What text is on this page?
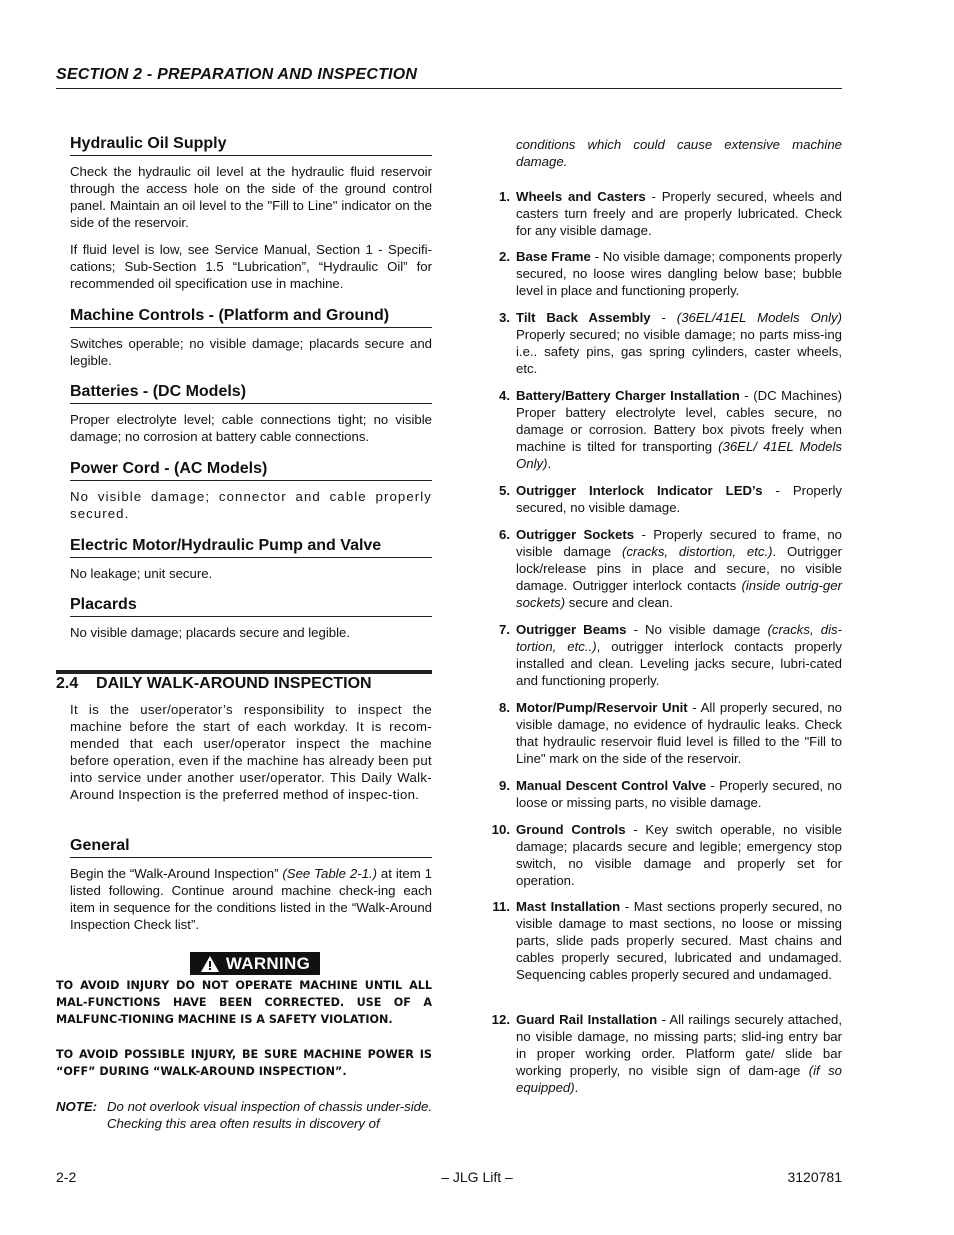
SECTION 2 - PREPARATION AND INSPECTION
Hydraulic Oil Supply
Check the hydraulic oil level at the hydraulic fluid reservoir through the access hole on the side of the ground control panel. Maintain an oil level to the "Fill to Line" indicator on the side of the reservoir.
If fluid level is low, see Service Manual, Section 1 - Specifi-cations; Sub-Section 1.5 “Lubrication”, “Hydraulic Oil” for recommended oil specification use in machine.
Machine Controls - (Platform and Ground)
Switches operable; no visible damage; placards secure and legible.
Batteries - (DC Models)
Proper electrolyte level; cable connections tight; no visible damage; no corrosion at battery cable connections.
Power Cord - (AC Models)
No visible damage; connector and cable properly secured.
Electric Motor/Hydraulic Pump and Valve
No leakage; unit secure.
Placards
No visible damage; placards secure and legible.
2.4    DAILY WALK-AROUND INSPECTION
It is the user/operator’s responsibility to inspect the machine before the start of each workday. It is recom-mended that each user/operator inspect the machine before operation, even if the machine has already been put into service under another user/operator. This Daily Walk-Around Inspection is the preferred method of inspec-tion.
General
Begin the “Walk-Around Inspection” (See Table 2-1.) at item 1 listed following. Continue around machine check-ing each item in sequence for the conditions listed in the “Walk-Around Inspection Check list”.
WARNING
TO AVOID INJURY DO NOT OPERATE MACHINE UNTIL ALL MAL-FUNCTIONS HAVE BEEN CORRECTED. USE OF A MALFUNC-TIONING MACHINE IS A SAFETY VIOLATION.
TO AVOID POSSIBLE INJURY, BE SURE MACHINE POWER IS “OFF” DURING “WALK-AROUND INSPECTION”.
NOTE: Do not overlook visual inspection of chassis under-side. Checking this area often results in discovery of
conditions which could cause extensive machine damage.
1. Wheels and Casters - Properly secured, wheels and casters turn freely and are properly lubricated. Check for any visible damage.
2. Base Frame - No visible damage; components properly secured, no loose wires dangling below base; bubble level in place and functioning properly.
3. Tilt Back Assembly - (36EL/41EL Models Only) Properly secured; no visible damage; no parts miss-ing i.e.. safety pins, gas spring cylinders, caster wheels, etc.
4. Battery/Battery Charger Installation - (DC Machines) Proper battery electrolyte level, cables secure, no damage or corrosion. Battery box pivots freely when machine is tilted for transporting (36EL/ 41EL Models Only).
5. Outrigger Interlock Indicator LED’s - Properly secured, no visible damage.
6. Outrigger Sockets - Properly secured to frame, no visible damage (cracks, distortion, etc.). Outrigger lock/release pins in place and secure, no visible damage. Outrigger interlock contacts (inside outrig-ger sockets) secure and clean.
7. Outrigger Beams - No visible damage (cracks, dis-tortion, etc..), outrigger interlock contacts properly installed and clean. Leveling jacks secure, lubri-cated and functioning properly.
8. Motor/Pump/Reservoir Unit - All properly secured, no visible damage, no evidence of hydraulic leaks. Check that hydraulic reservoir fluid level is filled to the "Fill to Line" mark on the side of the reservoir.
9. Manual Descent Control Valve - Properly secured, no loose or missing parts, no visible damage.
10. Ground Controls - Key switch operable, no visible damage; placards secure and legible; emergency stop switch, no visible damage and properly set for operation.
11. Mast Installation - Mast sections properly secured, no visible damage to mast sections, no loose or missing parts, slide pads properly secured. Mast chains and cables properly secured, lubricated and undamaged. Sequencing cables properly secured and undamaged.
12. Guard Rail Installation - All railings securely attached, no visible damage, no missing parts; slid-ing entry bar in proper working order. Platform gate/ slide bar working properly, no visible sign of dam-age (if so equipped).
2-2	– JLG Lift –	3120781
